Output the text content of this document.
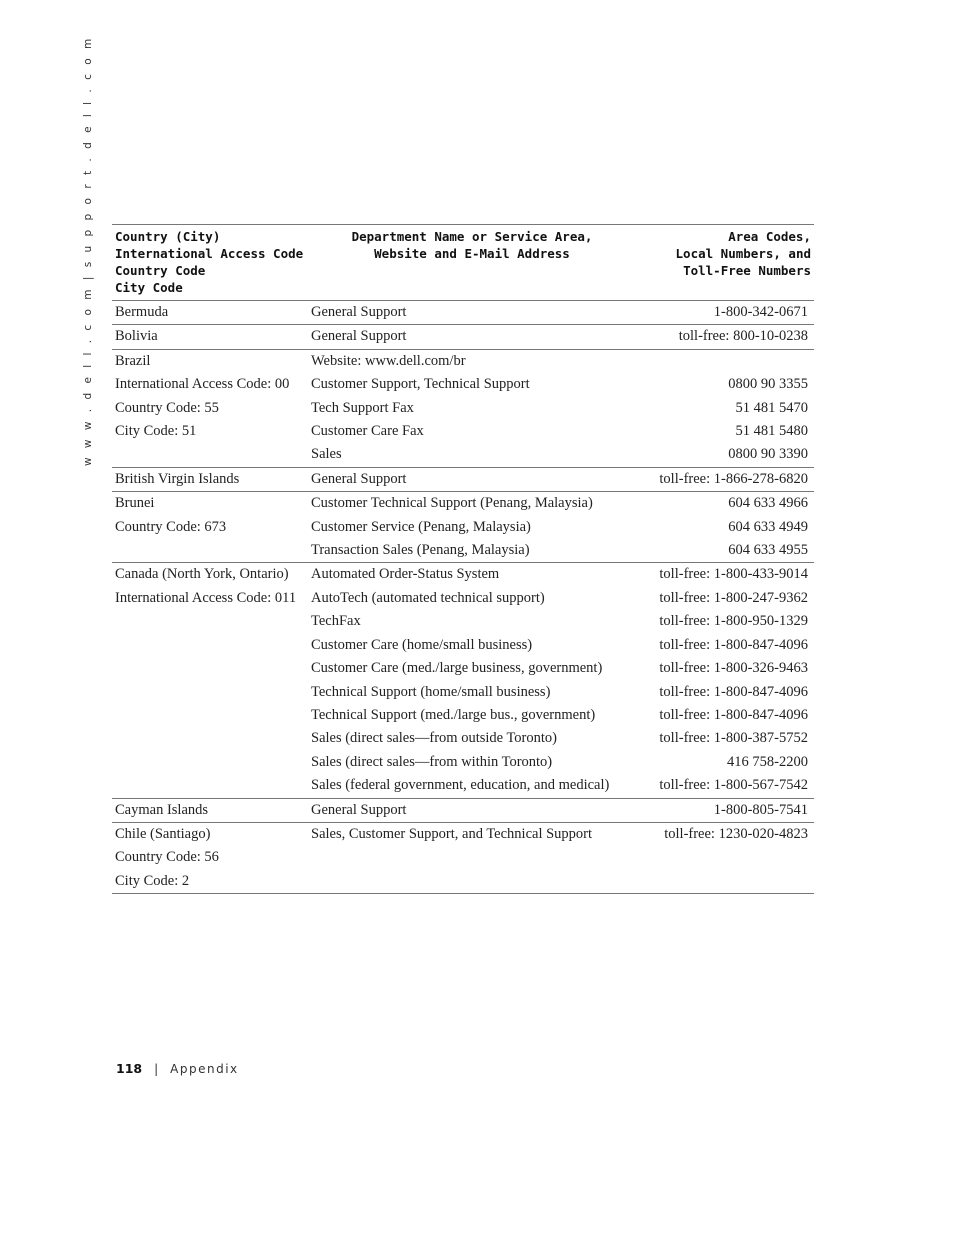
w w w . d e l l . c o m | s u p p o r t . d e l l . c o m	Country (City)
International Access Code
Country Code
City Code	Department Name or Service Area,
Website and E-Mail Address	Area Codes,
Local Numbers, and
Toll-Free Numbers
Bermuda	General Support	1-800-342-0671
Bolivia	General Support	toll-free: 800-10-0238
Brazil	Website: www.dell.com/br	
International Access Code: 00	Customer Support, Technical Support	0800 90 3355
Country Code: 55	Tech Support Fax	51 481 5470
City Code: 51	Customer Care Fax	51 481 5480
	Sales	0800 90 3390
British Virgin Islands	General Support	toll-free: 1-866-278-6820
Brunei	Customer Technical Support (Penang, Malaysia)	604 633 4966
Country Code: 673	Customer Service (Penang, Malaysia)	604 633 4949
	Transaction Sales (Penang, Malaysia)	604 633 4955
Canada (North York, Ontario)	Automated Order-Status System	toll-free: 1-800-433-9014
International Access Code: 011	AutoTech (automated technical support)	toll-free: 1-800-247-9362
	TechFax	toll-free: 1-800-950-1329
	Customer Care (home/small business)	toll-free: 1-800-847-4096
	Customer Care (med./large business, government)	toll-free: 1-800-326-9463
	Technical Support (home/small business)	toll-free: 1-800-847-4096
	Technical Support (med./large bus., government)	toll-free: 1-800-847-4096
	Sales (direct sales—from outside Toronto)	toll-free: 1-800-387-5752
	Sales (direct sales—from within Toronto)	416 758-2200
	Sales (federal government, education, and medical)	toll-free: 1-800-567-7542
Cayman Islands	General Support	1-800-805-7541
Chile (Santiago)	Sales, Customer Support, and Technical Support	toll-free: 1230-020-4823
Country Code: 56		
City Code: 2		
118 | Appendix
